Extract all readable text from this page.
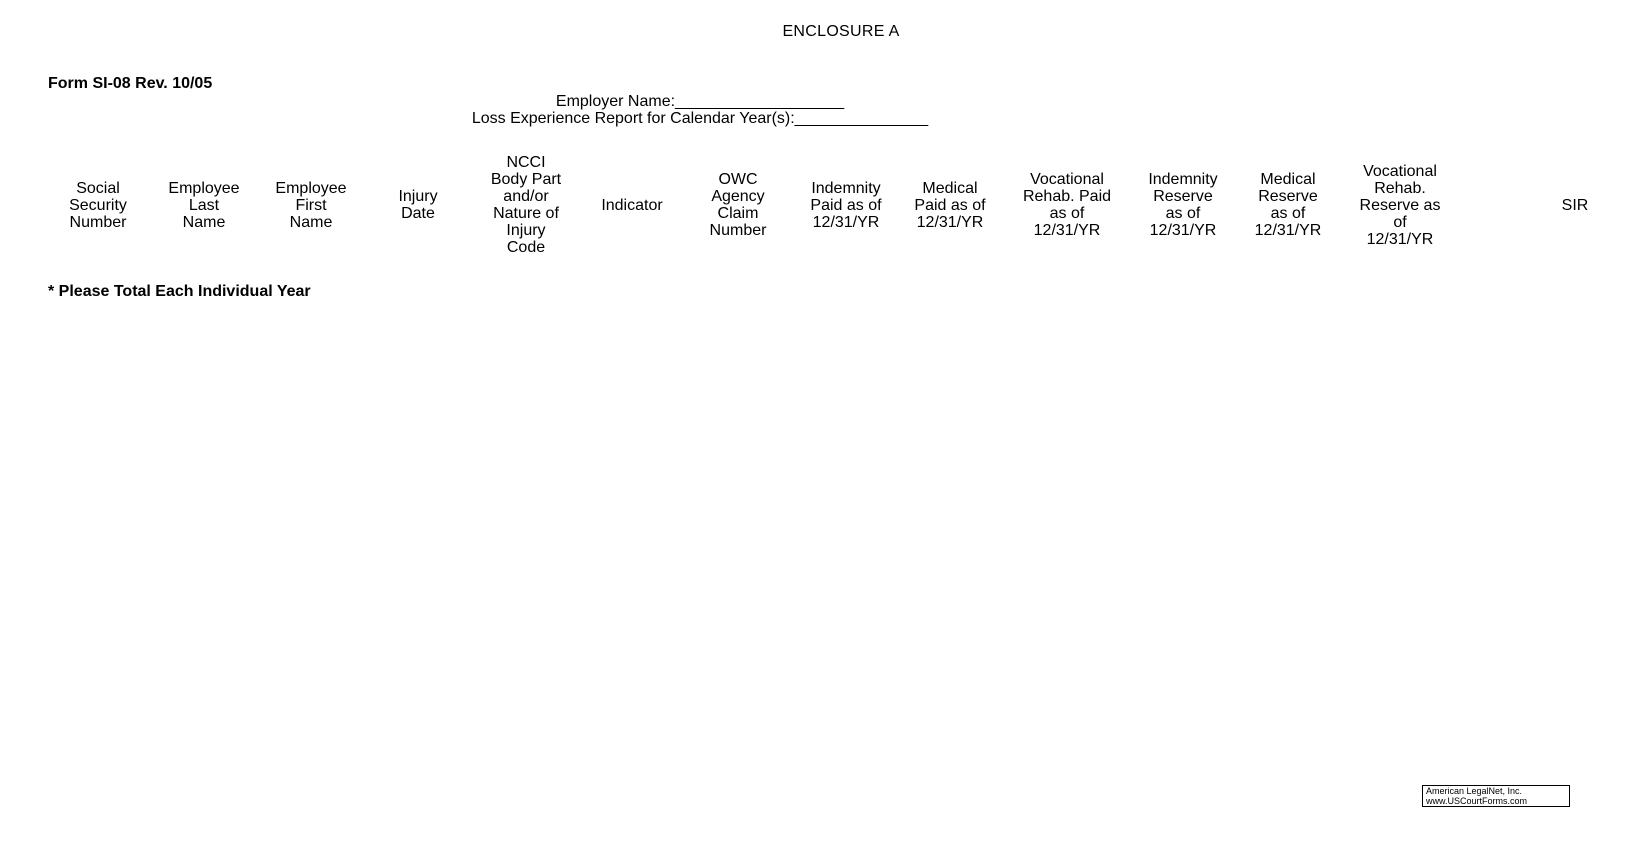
ENCLOSURE A
Form SI-08 Rev. 10/05
Employer Name:___________________
Loss Experience Report for Calendar Year(s):_______________
Social
Security
Number
Employee
Last
Name
Employee
First
Name
Injury
Date
NCCI
Body Part
and/or
Nature of
Injury
Code
Indicator
OWC
Agency
Claim
Number
Indemnity
Paid as of
12/31/YR
Medical
Paid as of
12/31/YR
Vocational
Rehab. Paid
as of
12/31/YR
Indemnity
Reserve
as of
12/31/YR
Medical
Reserve
as of
12/31/YR
Vocational
Rehab.
Reserve as
of
12/31/YR
SIR
* Please Total Each Individual Year
American LegalNet, Inc.
www.USCourtForms.com
